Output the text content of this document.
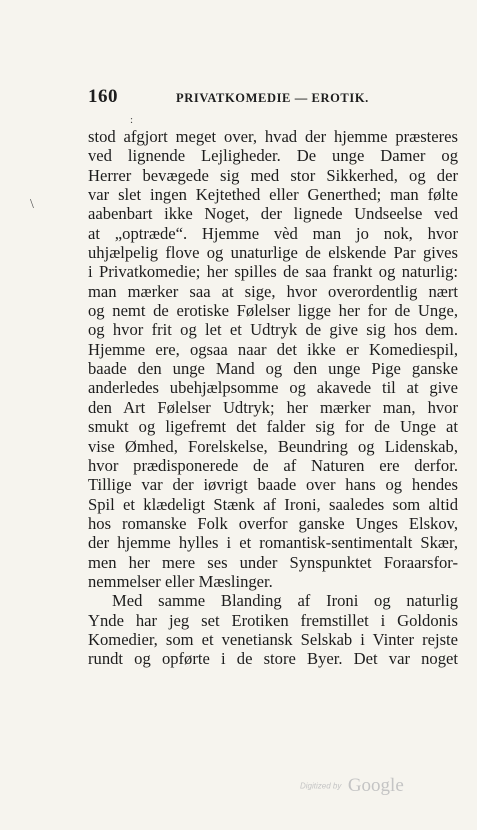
160	PRIVATKOMEDIE — EROTIK.
:
\
stod afgjort meget over, hvad der hjemme præsteres
ved lignende Lejligheder. De unge Damer og
Herrer bevægede sig med stor Sikkerhed, og der
var slet ingen Kejtethed eller Generthed; man følte
aabenbart ikke Noget, der lignede Undseelse ved
at „optræde“. Hjemme vèd man jo nok, hvor
uhjælpelig flove og unaturlige de elskende Par gives
i Privatkomedie; her spilles de saa frankt og naturlig:
man mærker saa at sige, hvor overordentlig nært
og nemt de erotiske Følelser ligge her for de Unge,
og hvor frit og let et Udtryk de give sig hos dem.
Hjemme ere, ogsaa naar det ikke er Komediespil,
baade den unge Mand og den unge Pige ganske
anderledes ubehjælpsomme og akavede til at give
den Art Følelser Udtryk; her mærker man, hvor
smukt og ligefremt det falder sig for de Unge at
vise Ømhed, Forelskelse, Beundring og Lidenskab,
hvor prædisponerede de af Naturen ere derfor.
Tillige var der iøvrigt baade over hans og hendes
Spil et klædeligt Stænk af Ironi, saaledes som altid
hos romanske Folk overfor ganske Unges Elskov,
der hjemme hylles i et romantisk-sentimentalt Skær,
men her mere ses under Synspunktet Foraarsfor-
nemmelser eller Mæslinger.
Med samme Blanding af Ironi og naturlig
Ynde har jeg set Erotiken fremstillet i Goldonis
Komedier, som et venetiansk Selskab i Vinter rejste
rundt og opførte i de store Byer. Det var noget
Digitized by Google
